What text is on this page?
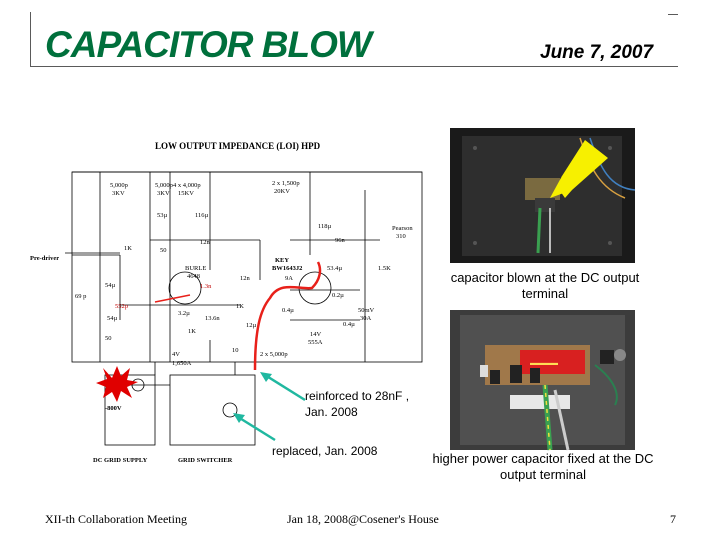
CAPACITOR BLOW	June 7, 2007
LOW OUTPUT IMPEDANCE (LOI) HPD
5,000p
3KV
5,000p
3KV
4 x 4,000p
15KV
2 x 1,500p
20KV
53µ	116µ
118µ	Pearson
310
96n
12n
1K	50
Pre-driver	KEY
BW1643J2	53.4µ	1.5K
BURLE
4648
1.3n
12n	9A
0.2µ
54µ
69 p
552p
3.2µ
1K
13.6n
0.4µ	50mV
30A
54µ
12µ
14V
555A
0.4µ
50
1K
4V
1,650A
10
2 x 5,000p
-800V
DC GRID SUPPLY	GRID SWITCHER
▬▬▬▬
capacitor blown at the DC output terminal
higher power capacitor fixed at the DC output terminal
reinforced to 28nF , Jan. 2008
replaced, Jan. 2008
XII-th Collaboration Meeting	Jan 18, 2008@Cosener's House	7
